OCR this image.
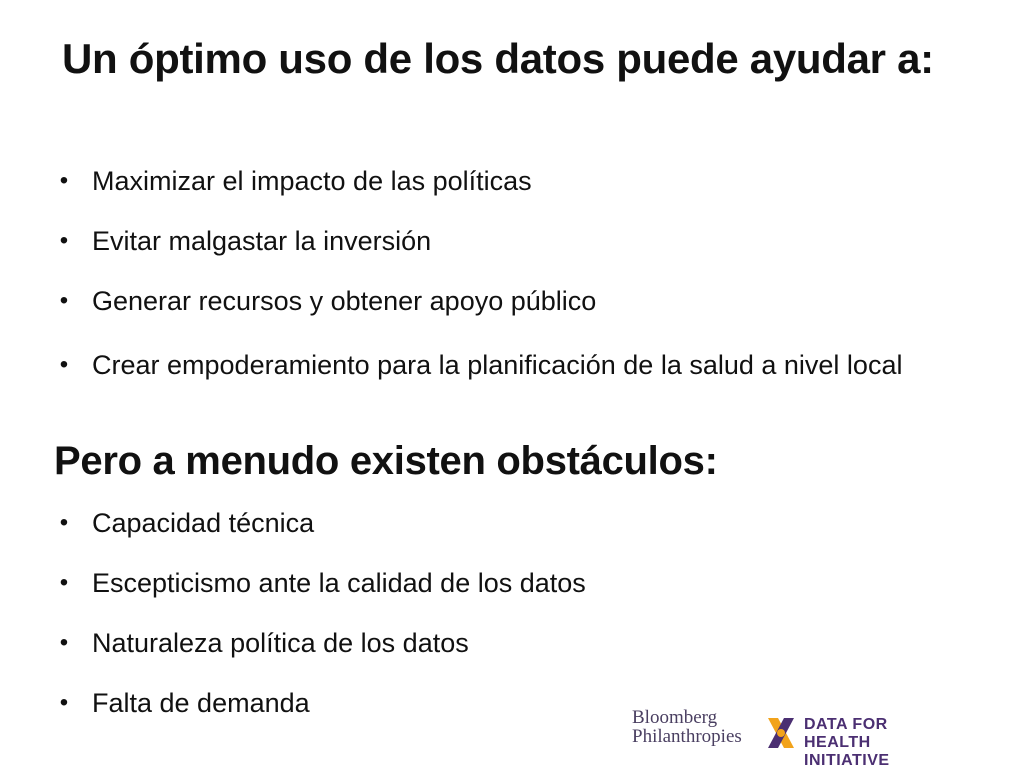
Un óptimo uso de los datos puede ayudar a:
• Maximizar el impacto de las políticas
• Evitar malgastar la inversión
• Generar recursos y obtener apoyo público
• Crear empoderamiento para la planificación de la salud a nivel local
Pero a menudo existen obstáculos:
• Capacidad técnica
• Escepticismo ante la calidad de los datos
• Naturaleza política de los datos
• Falta de demanda	Bloomberg
Philanthropies
DATA FOR
HEALTH INITIATIVE
